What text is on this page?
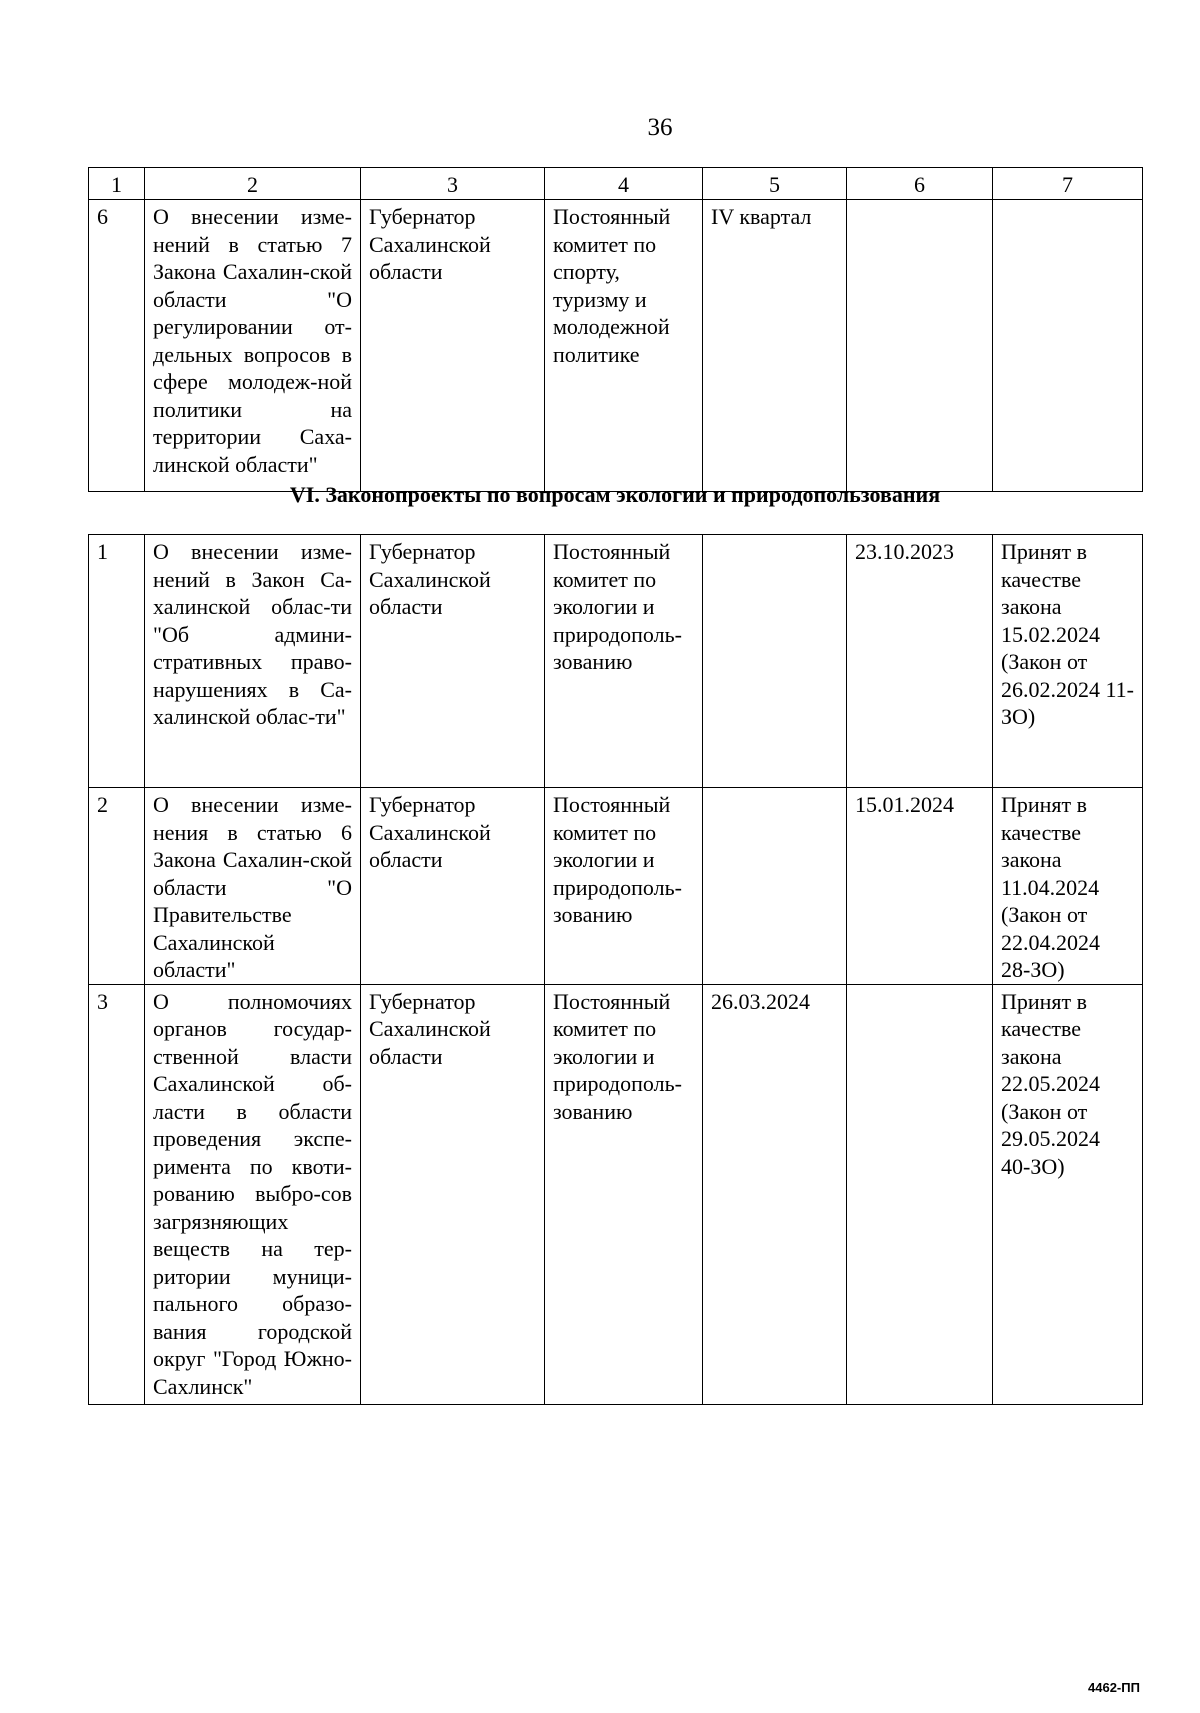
36
1	2	3	4	5	6	7
6	О внесении изме-нений в статью 7 Закона Сахалин-ской области "О регулировании от-дельных вопросов в сфере молодеж-ной политики на территории Саха-линской области"	Губернатор Сахалинской области	Постоянный комитет по спорту, туризму и молодежной политике	IV квартал		
VI. Законопроекты по вопросам экологии и природопользования
1	О внесении изме-нений в Закон Са-халинской облас-ти "Об админи-стративных право-нарушениях в Са-халинской облас-ти"	Губернатор Сахалинской области	Постоянный комитет по экологии и природополь-зованию		23.10.2023	Принят в качестве закона 15.02.2024 (Закон от 26.02.2024 11-ЗО)
2	О внесении изме-нения в статью 6 Закона Сахалин-ской области "О Правительстве Сахалинской области"	Губернатор Сахалинской области	Постоянный комитет по экологии и природополь-зованию		15.01.2024	Принят в качестве закона 11.04.2024 (Закон от 22.04.2024 28-ЗО)
3	О полномочиях органов государ-ственной власти Сахалинской об-ласти в области проведения экспе-римента по квоти-рованию выбро-сов загрязняющих веществ на тер-ритории муници-пального образо-вания городской округ "Город Южно-Сахлинск"	Губернатор Сахалинской области	Постоянный комитет по экологии и природополь-зованию	26.03.2024		Принят в качестве закона 22.05.2024 (Закон от 29.05.2024 40-ЗО)
4462-ПП
